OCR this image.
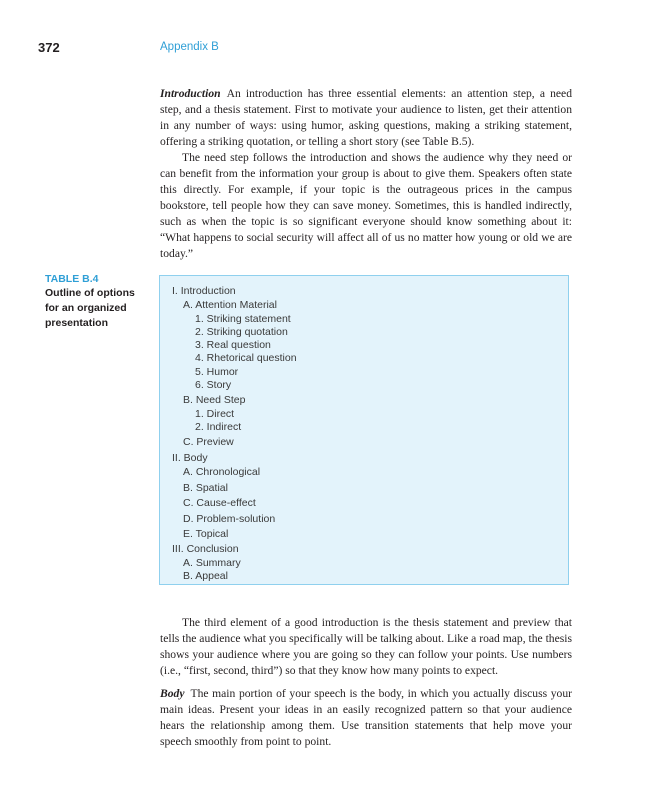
372	Appendix B

Introduction An introduction has three essential elements: an attention step, a need step, and a thesis statement. First to motivate your audience to listen, get their attention in any number of ways: using humor, asking questions, making a striking statement, offering a striking quotation, or telling a short story (see Table B.5).

The need step follows the introduction and shows the audience why they need or can benefit from the information your group is about to give them. Speakers often state this directly. For example, if your topic is the outrageous prices in the campus bookstore, tell people how they can save money. Sometimes, this is handled indirectly, such as when the topic is so significant everyone should know something about it: “What happens to social security will affect all of us no matter how young or old we are today.”

TABLE B.4
Outline of options for an organized presentation
I. Introduction
A. Attention Material
1. Striking statement
2. Striking quotation
3. Real question
4. Rhetorical question
5. Humor
6. Story
B. Need Step
1. Direct
2. Indirect
C. Preview
II. Body
A. Chronological
B. Spatial
C. Cause-effect
D. Problem-solution
E. Topical
III. Conclusion
A. Summary
B. Appeal

The third element of a good introduction is the thesis statement and preview that tells the audience what you specifically will be talking about. Like a road map, the thesis shows your audience where you are going so they can follow your points. Use numbers (i.e., “first, second, third”) so that they know how many points to expect.

Body The main portion of your speech is the body, in which you actually discuss your main ideas. Present your ideas in an easily recognized pattern so that your audience hears the relationship among them. Use transition statements that help move your speech smoothly from point to point.
